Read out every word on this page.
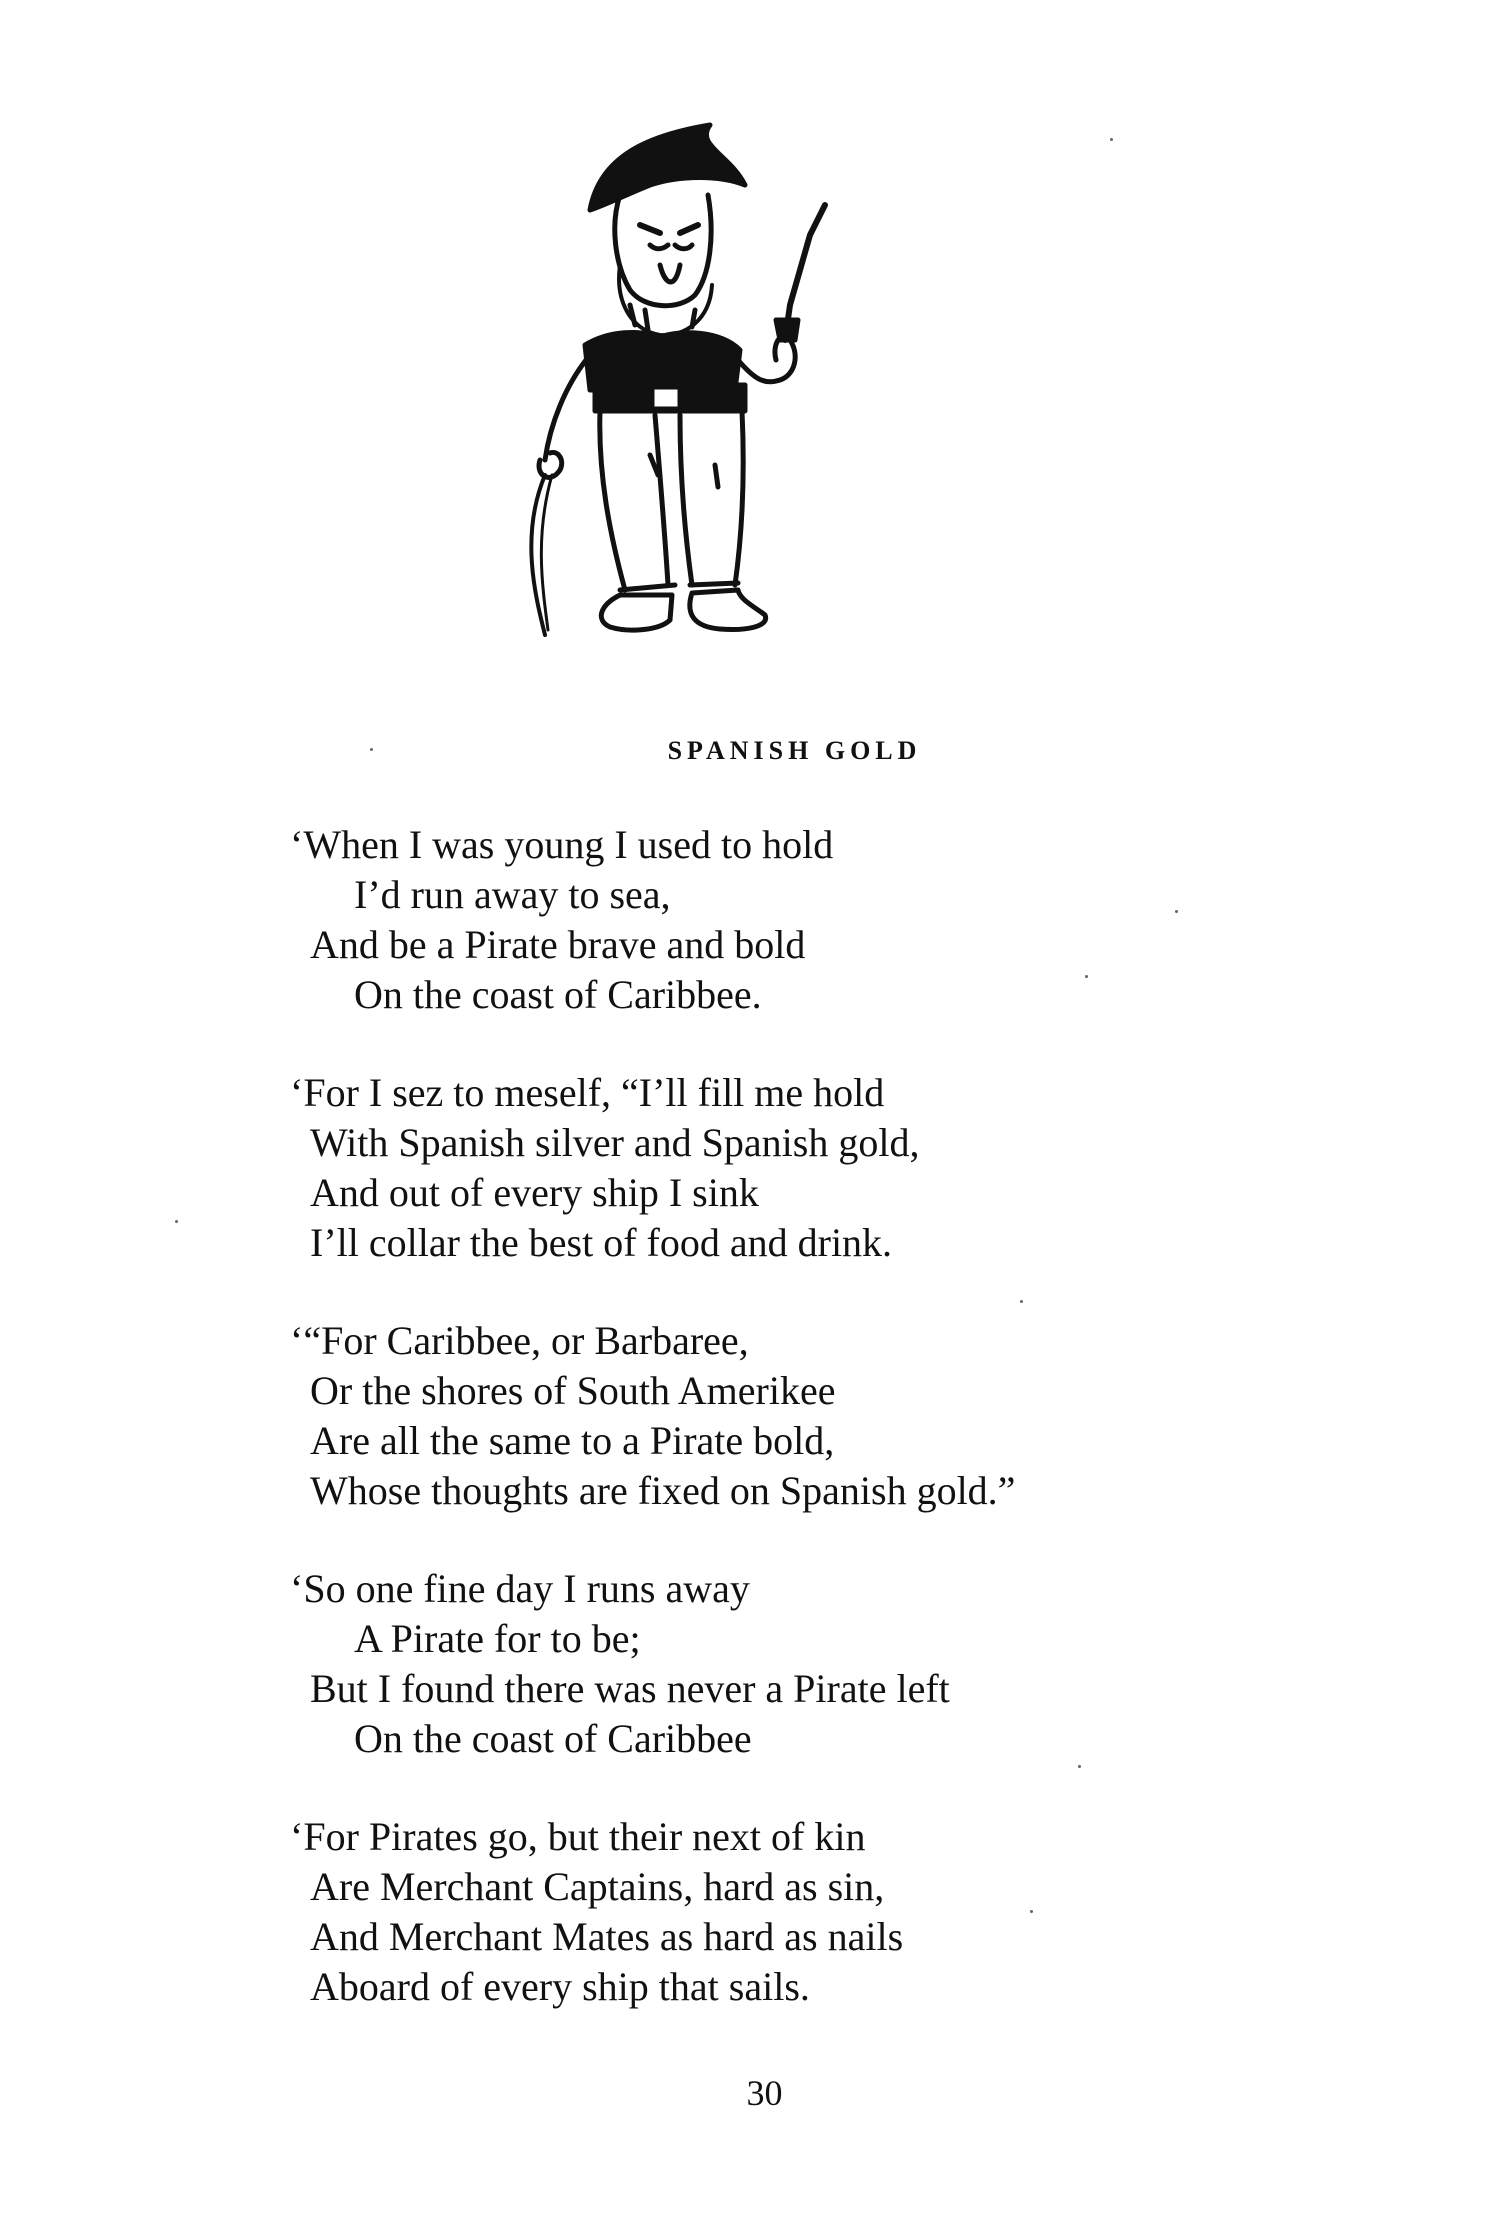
SPANISH GOLD

‘When I was young I used to hold

I’d run away to sea,

And be a Pirate brave and bold

On the coast of Caribbee.

‘For I sez to meself, “I’ll fill me hold

With Spanish silver and Spanish gold,

And out of every ship I sink

I’ll collar the best of food and drink.

‘“For Caribbee, or Barbaree,

Or the shores of South Amerikee

Are all the same to a Pirate bold,

Whose thoughts are fixed on Spanish gold.”

‘So one fine day I runs away

A Pirate for to be;

But I found there was never a Pirate left

On the coast of Caribbee

‘For Pirates go, but their next of kin

Are Merchant Captains, hard as sin,

And Merchant Mates as hard as nails

Aboard of every ship that sails.

30
